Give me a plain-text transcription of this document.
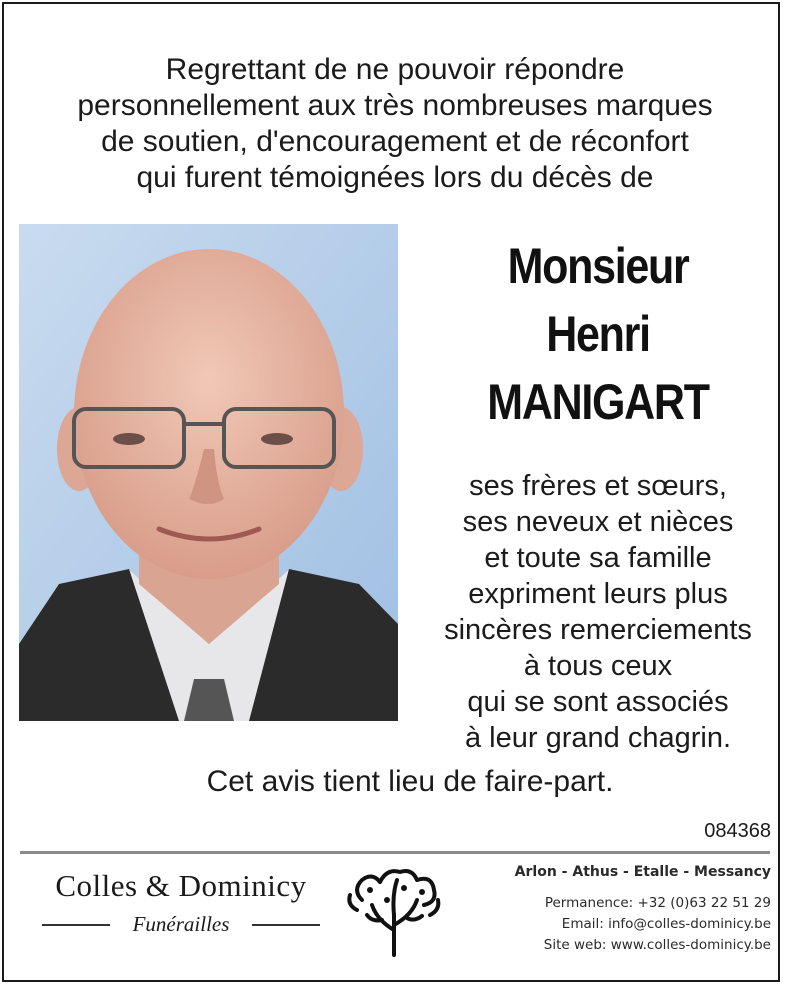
Regrettant de ne pouvoir répondre
personnellement aux très nombreuses marques
de soutien, d'encouragement et de réconfort
qui furent témoignées lors du décès de
Monsieur
Henri
MANIGART
ses frères et sœurs,
ses neveux et nièces
et toute sa famille
expriment leurs plus
sincères remerciements
à tous ceux
qui se sont associés
à leur grand chagrin.
Cet avis tient lieu de faire-part.
084368
Colles & Dominicy
Funérailles
Arlon - Athus - Etalle - Messancy
Permanence: +32 (0)63 22 51 29
Email: info@colles-dominicy.be
Site web: www.colles-dominicy.be
